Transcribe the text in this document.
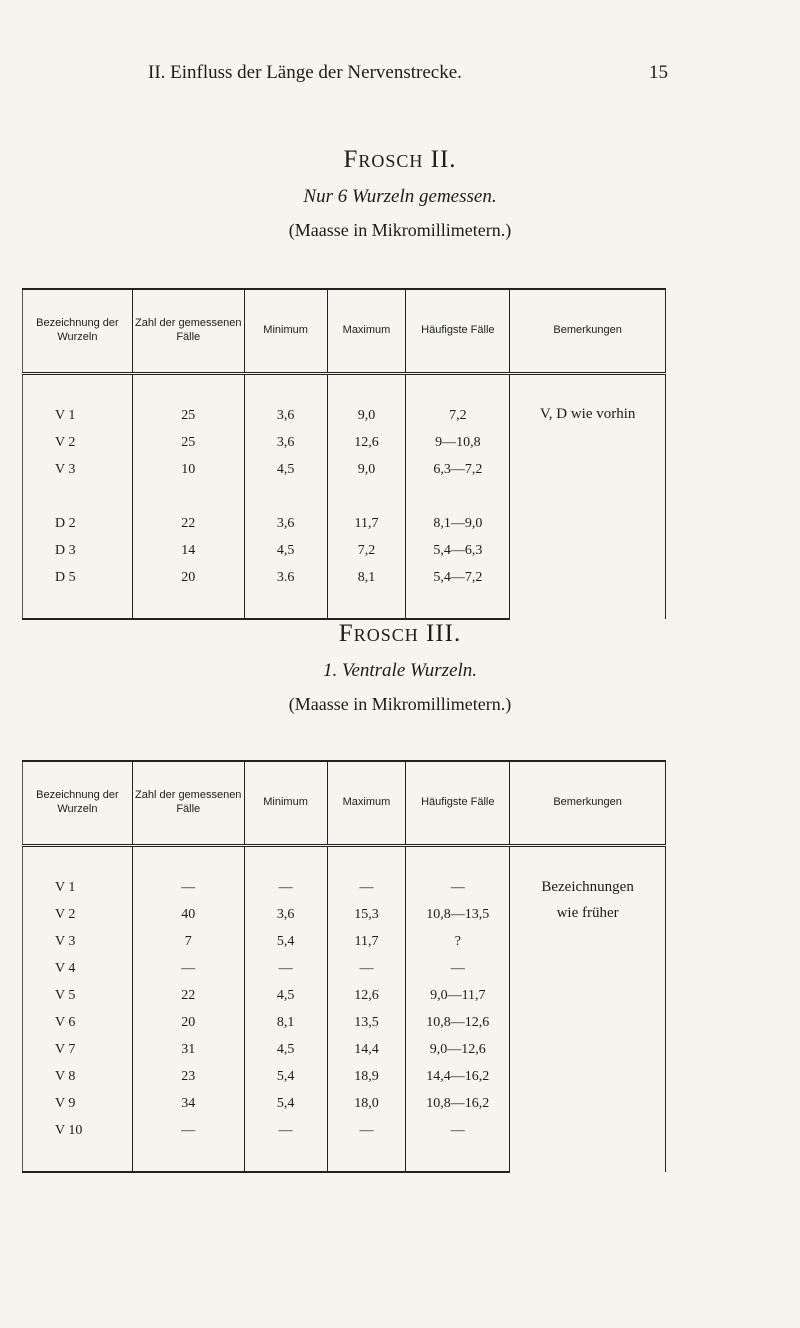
II. Einfluss der Länge der Nervenstrecke.	15
Frosch II.
Nur 6 Wurzeln gemessen.
(Maasse in Mikromillimetern.)
Bezeichnung der Wurzeln	Zahl der gemessenen Fälle	Minimum	Maximum	Häufigste Fälle	Bemerkungen

V 1	25	3,6	9,0	7,2	V, D wie vorhin
V 2	25	3,6	12,6	9—10,8	
V 3	10	4,5	9,0	6,3—7,2	

D 2	22	3,6	11,7	8,1—9,0	
D 3	14	4,5	7,2	5,4—6,3	
D 5	20	3.6	8,1	5,4—7,2	

Frosch III.
1. Ventrale Wurzeln.
(Maasse in Mikromillimetern.)
Bezeichnung der Wurzeln	Zahl der gemessenen Fälle	Minimum	Maximum	Häufigste Fälle	Bemerkungen

V 1	—	—	—	—	Bezeichnungen
V 2	40	3,6	15,3	10,8—13,5	wie früher
V 3	7	5,4	11,7	?	
V 4	—	—	—	—	
V 5	22	4,5	12,6	9,0—11,7	
V 6	20	8,1	13,5	10,8—12,6	
V 7	31	4,5	14,4	9,0—12,6	
V 8	23	5,4	18,9	14,4—16,2	
V 9	34	5,4	18,0	10,8—16,2	
V 10	—	—	—	—	
